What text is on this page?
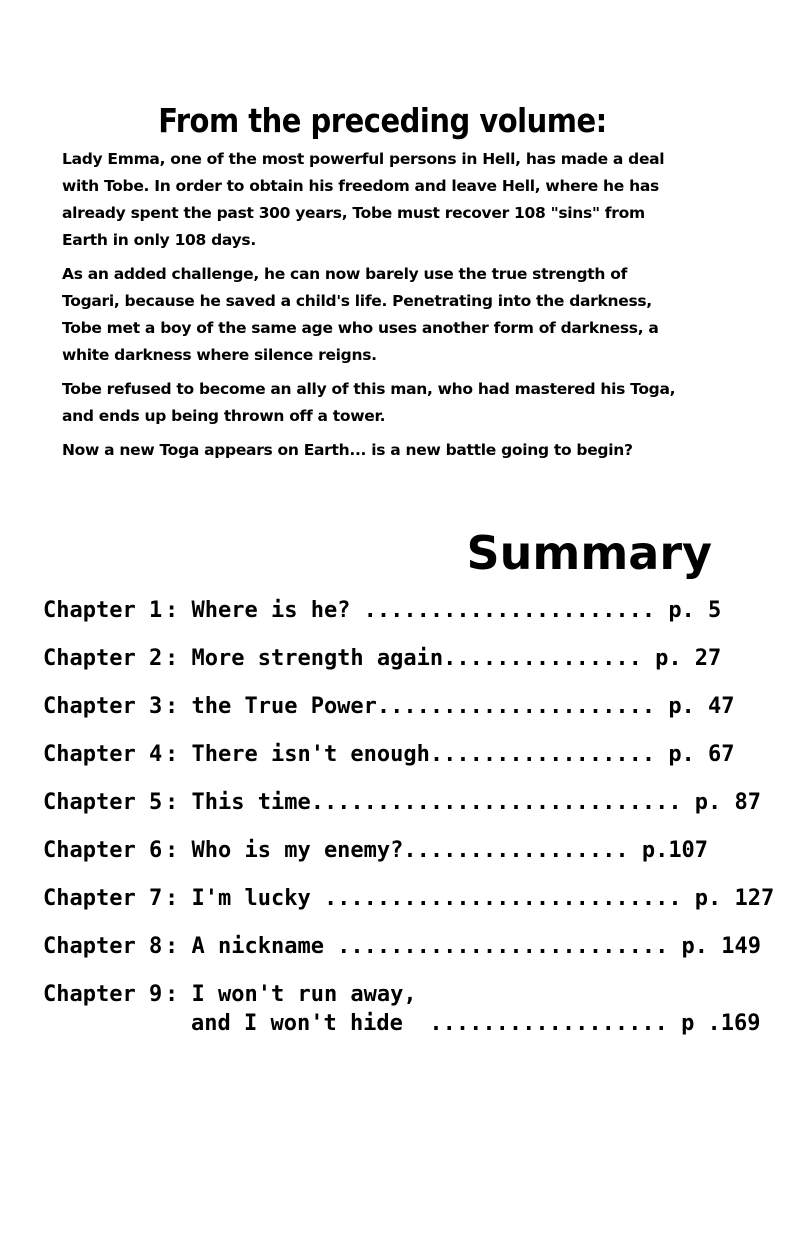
From the preceding volume:

Lady Emma, one of the most powerful persons in Hell, has made a deal with Tobe. In order to obtain his freedom and leave Hell, where he has already spent the past 300 years, Tobe must recover 108 "sins" from Earth in only 108 days.

As an added challenge, he can now barely use the true strength of Togari, because he saved a child's life. Penetrating into the darkness, Tobe met a boy of the same age who uses another form of darkness, a white darkness where silence reigns.

Tobe refused to become an ally of this man, who had mastered his Toga, and ends up being thrown off a tower.

Now a new Toga appears on Earth... is a new battle going to begin?

Summary

Chapter 1

: Where is he? ...................... p. 5

Chapter 2

: More strength again............... p. 27

Chapter 3

: the True Power..................... p. 47

Chapter 4

: There isn't enough................. p. 67

Chapter 5

: This time............................ p. 87

Chapter 6

: Who is my enemy?................. p.107

Chapter 7

: I'm lucky ........................... p. 127

Chapter 8

: A nickname ......................... p. 149

Chapter 9

: I won't run away,

and I won't hide  .................. p .169
